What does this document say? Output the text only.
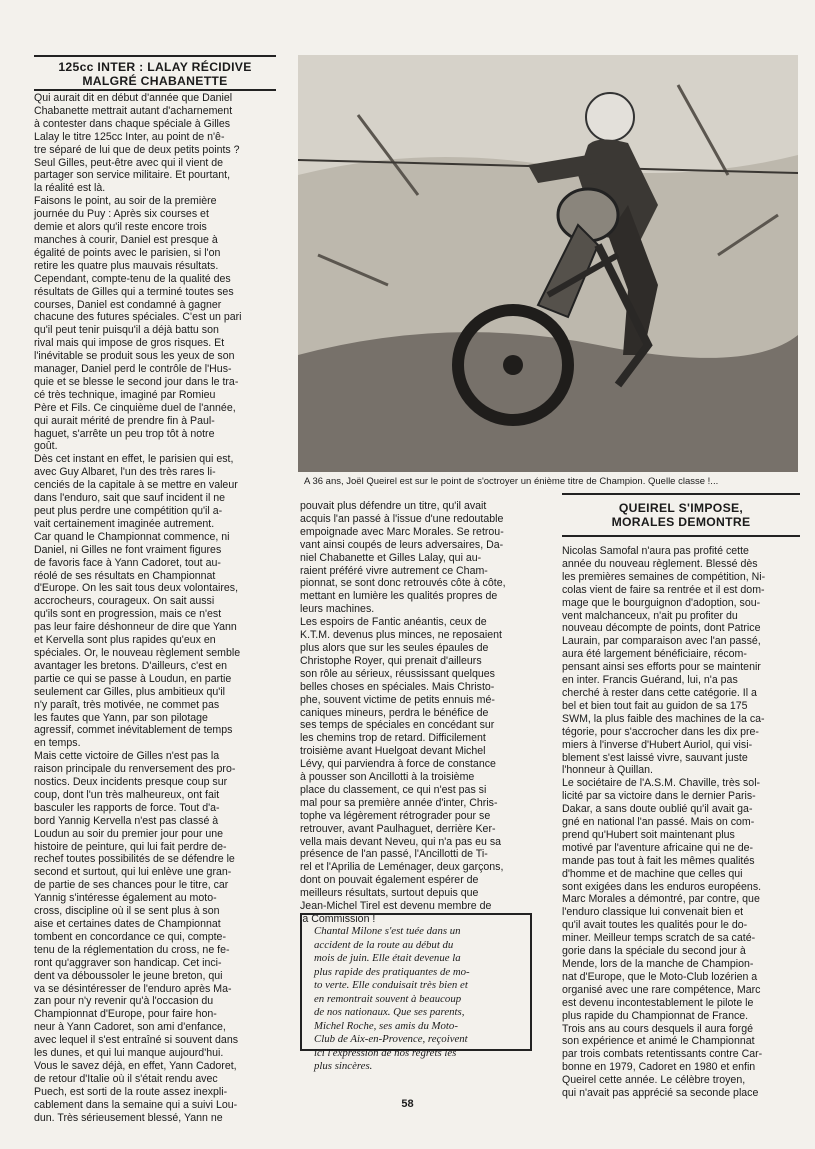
125cc INTER : LALAY RÉCIDIVE
MALGRÉ CHABANETTE

Qui aurait dit en début d'année que Daniel
Chabanette mettrait autant d'acharnement
à contester dans chaque spéciale à Gilles
Lalay le titre 125cc Inter, au point de n'ê-
tre séparé de lui que de deux petits points ?
Seul Gilles, peut-être avec qui il vient de
partager son service militaire. Et pourtant,
la réalité est là.
Faisons le point, au soir de la première
journée du Puy : Après six courses et
demie et alors qu'il reste encore trois
manches à courir, Daniel est presque à
égalité de points avec le parisien, si l'on
retire les quatre plus mauvais résultats.
Cependant, compte-tenu de la qualité des
résultats de Gilles qui a terminé toutes ses
courses, Daniel est condamné à gagner
chacune des futures spéciales. C'est un pari
qu'il peut tenir puisqu'il a déjà battu son
rival mais qui impose de gros risques. Et
l'inévitable se produit sous les yeux de son
manager, Daniel perd le contrôle de l'Hus-
quie et se blesse le second jour dans le tra-
cé très technique, imaginé par Romieu
Père et Fils. Ce cinquième duel de l'année,
qui aurait mérité de prendre fin à Paul-
haguet, s'arrête un peu trop tôt à notre
goût.
Dès cet instant en effet, le parisien qui est,
avec Guy Albaret, l'un des très rares li-
cenciés de la capitale à se mettre en valeur
dans l'enduro, sait que sauf incident il ne
peut plus perdre une compétition qu'il a-
vait certainement imaginée autrement.
Car quand le Championnat commence, ni
Daniel, ni Gilles ne font vraiment figures
de favoris face à Yann Cadoret, tout au-
réolé de ses résultats en Championnat
d'Europe. On les sait tous deux volontaires,
accrocheurs, courageux. On sait aussi
qu'ils sont en progression, mais ce n'est
pas leur faire déshonneur de dire que Yann
et Kervella sont plus rapides qu'eux en
spéciales. Or, le nouveau règlement semble
avantager les bretons. D'ailleurs, c'est en
partie ce qui se passe à Loudun, en partie
seulement car Gilles, plus ambitieux qu'il
n'y paraît, très motivée, ne commet pas
les fautes que Yann, par son pilotage
agressif, commet inévitablement de temps
en temps.
Mais cette victoire de Gilles n'est pas la
raison principale du renversement des pro-
nostics. Deux incidents presque coup sur
coup, dont l'un très malheureux, ont fait
basculer les rapports de force. Tout d'a-
bord Yannig Kervella n'est pas classé à
Loudun au soir du premier jour pour une
histoire de peinture, qui lui fait perdre de-
rechef toutes possibilités de se défendre le
second et surtout, qui lui enlève une gran-
de partie de ses chances pour le titre, car
Yannig s'intéresse également au moto-
cross, discipline où il se sent plus à son
aise et certaines dates de Championnat
tombent en concordance ce qui, compte-
tenu de la réglementation du cross, ne fe-
ront qu'aggraver son handicap. Cet inci-
dent va déboussoler le jeune breton, qui
va se désintéresser de l'enduro après Ma-
zan pour n'y revenir qu'à l'occasion du
Championnat d'Europe, pour faire hon-
neur à Yann Cadoret, son ami d'enfance,
avec lequel il s'est entraîné si souvent dans
les dunes, et qui lui manque aujourd'hui.
Vous le savez déjà, en effet, Yann Cadoret,
de retour d'Italie où il s'était rendu avec
Puech, est sorti de la route assez inexpli-
cablement dans la semaine qui a suivi Lou-
dun. Très sérieusement blessé, Yann ne

A 36 ans, Joël Queirel est sur le point de s'octroyer un énième titre de Champion. Quelle classe !...

pouvait plus défendre un titre, qu'il avait
acquis l'an passé à l'issue d'une redoutable
empoignade avec Marc Morales. Se retrou-
vant ainsi coupés de leurs adversaires, Da-
niel Chabanette et Gilles Lalay, qui au-
raient préféré vivre autrement ce Cham-
pionnat, se sont donc retrouvés côte à côte,
mettant en lumière les qualités propres de
leurs machines.
Les espoirs de Fantic anéantis, ceux de
K.T.M. devenus plus minces, ne reposaient
plus alors que sur les seules épaules de
Christophe Royer, qui prenait d'ailleurs
son rôle au sérieux, réussissant quelques
belles choses en spéciales. Mais Christo-
phe, souvent victime de petits ennuis mé-
caniques mineurs, perdra le bénéfice de
ses temps de spéciales en concédant sur
les chemins trop de retard. Difficilement
troisième avant Huelgoat devant Michel
Lévy, qui parviendra à force de constance
à pousser son Ancillotti à la troisième
place du classement, ce qui n'est pas si
mal pour sa première année d'inter, Chris-
tophe va légèrement rétrograder pour se
retrouver, avant Paulhaguet, derrière Ker-
vella mais devant Neveu, qui n'a pas eu sa
présence de l'an passé, l'Ancillotti de Ti-
rel et l'Aprilia de Leménager, deux garçons,
dont on pouvait également espérer de
meilleurs résultats, surtout depuis que
Jean-Michel Tirel est devenu membre de
la Commission !

Chantal Milone s'est tuée dans un
accident de la route au début du
mois de juin. Elle était devenue la
plus rapide des pratiquantes de mo-
to verte. Elle conduisait très bien et
en remontrait souvent à beaucoup
de nos nationaux. Que ses parents,
Michel Roche, ses amis du Moto-
Club de Aix-en-Provence, reçoivent
ici l'expression de nos regrets les
plus sincères.

QUEIREL S'IMPOSE,
MORALES DEMONTRE

Nicolas Samofal n'aura pas profité cette
année du nouveau règlement. Blessé dès
les premières semaines de compétition, Ni-
colas vient de faire sa rentrée et il est dom-
mage que le bourguignon d'adoption, sou-
vent malchanceux, n'ait pu profiter du
nouveau décompte de points, dont Patrice
Laurain, par comparaison avec l'an passé,
aura été largement bénéficiaire, récom-
pensant ainsi ses efforts pour se maintenir
en inter. Francis Guérand, lui, n'a pas
cherché à rester dans cette catégorie. Il a
bel et bien tout fait au guidon de sa 175
SWM, la plus faible des machines de la ca-
tégorie, pour s'accrocher dans les dix pre-
miers à l'inverse d'Hubert Auriol, qui visi-
blement s'est laissé vivre, sauvant juste
l'honneur à Quillan.
Le sociétaire de l'A.S.M. Chaville, très sol-
licité par sa victoire dans le dernier Paris-
Dakar, a sans doute oublié qu'il avait ga-
gné en national l'an passé. Mais on com-
prend qu'Hubert soit maintenant plus
motivé par l'aventure africaine qui ne de-
mande pas tout à fait les mêmes qualités
d'homme et de machine que celles qui
sont exigées dans les enduros européens.
Marc Morales a démontré, par contre, que
l'enduro classique lui convenait bien et
qu'il avait toutes les qualités pour le do-
miner. Meilleur temps scratch de sa caté-
gorie dans la spéciale du second jour à
Mende, lors de la manche de Champion-
nat d'Europe, que le Moto-Club lozérien a
organisé avec une rare compétence, Marc
est devenu incontestablement le pilote le
plus rapide du Championnat de France.
Trois ans au cours desquels il aura forgé
son expérience et animé le Championnat
par trois combats retentissants contre Car-
bonne en 1979, Cadoret en 1980 et enfin
Queirel cette année. Le célèbre troyen,
qui n'avait pas apprécié sa seconde place

58
